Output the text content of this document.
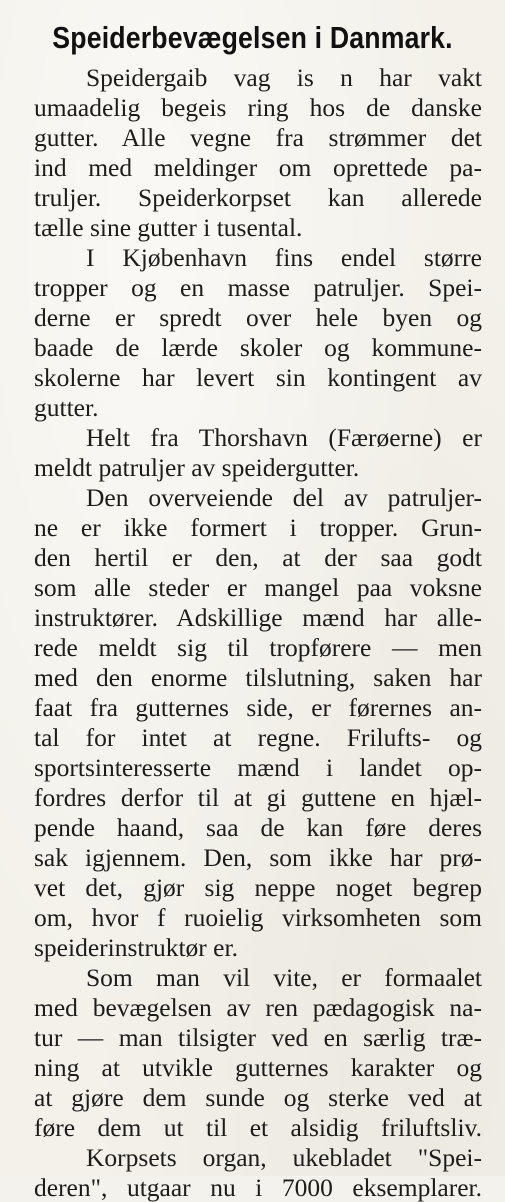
Speiderbevægelsen i Danmark.
Speidergaib vag is n har vakt
umaadelig begeis ring hos de danske
gutter. Alle vegne fra strømmer det
ind med meldinger om oprettede pa-
truljer. Speiderkorpset kan allerede
tælle sine gutter i tusental.
I Kjøbenhavn fins endel større
tropper og en masse patruljer. Spei-
derne er spredt over hele byen og
baade de lærde skoler og kommune-
skolerne har levert sin kontingent av
gutter.
Helt fra Thorshavn (Færøerne) er
meldt patruljer av speidergutter.
Den overveiende del av patruljer-
ne er ikke formert i tropper. Grun-
den hertil er den, at der saa godt
som alle steder er mangel paa voksne
instruktører. Adskillige mænd har alle-
rede meldt sig til tropførere — men
med den enorme tilslutning, saken har
faat fra gutternes side, er førernes an-
tal for intet at regne. Frilufts- og
sportsinteresserte mænd i landet op-
fordres derfor til at gi guttene en hjæl-
pende haand, saa de kan føre deres
sak igjennem. Den, som ikke har prø-
vet det, gjør sig neppe noget begrep
om, hvor f ruoielig virksomheten som
speiderinstruktør er.
Som man vil vite, er formaalet
med bevægelsen av ren pædagogisk na-
tur — man tilsigter ved en særlig træ-
ning at utvikle gutternes karakter og
at gjøre dem sunde og sterke ved at
føre dem ut til et alsidig friluftsliv.
Korpsets organ, ukebladet "Spei-
deren", utgaar nu i 7000 eksemplarer.
